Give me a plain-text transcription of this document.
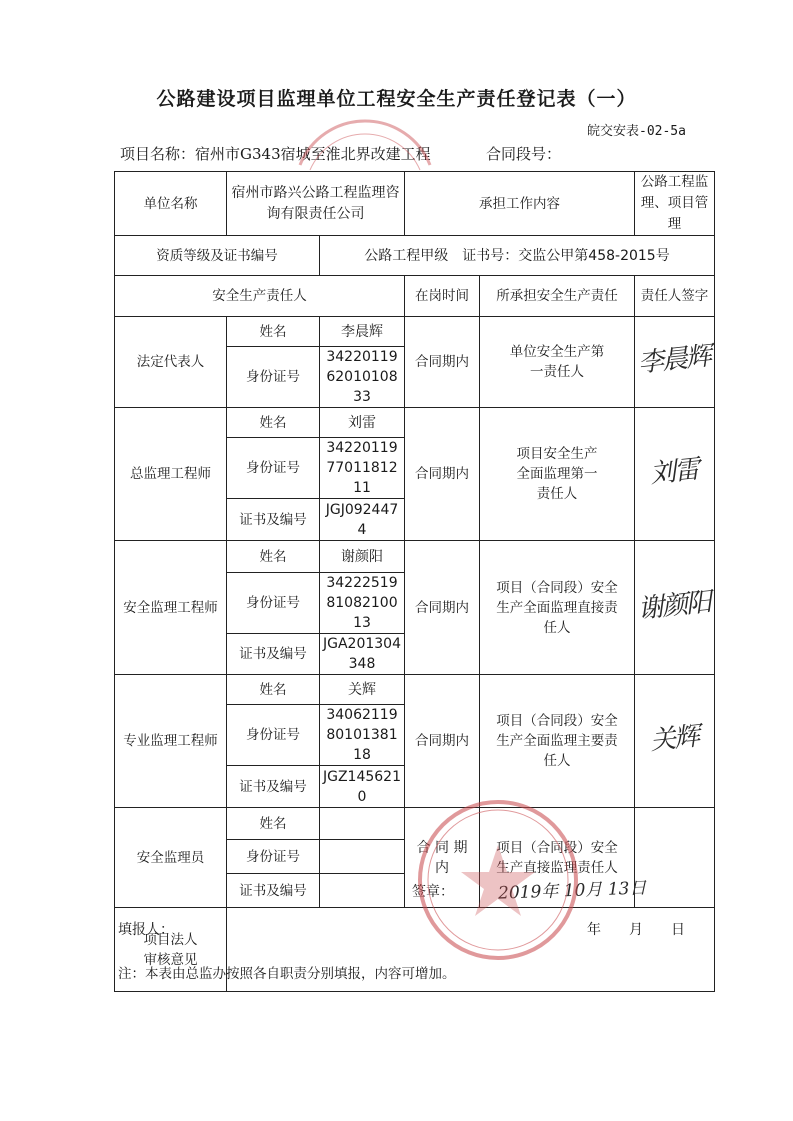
公路建设项目监理单位工程安全生产责任登记表（一）
皖交安表-02-5a
项目名称：宿州市G343宿城至淮北界改建工程	合同段号：
单位名称	宿州市路兴公路工程监理咨询有限责任公司		承担工作内容		公路工程监理、项目管理
资质等级及证书编号		公路工程甲级　证书号：交监公甲第458-2015号			
安全生产责任人			在岗时间	所承担安全生产责任	责任人签字
法定代表人	姓名	李晨辉	合同期内	单位安全生产第一责任人	李晨辉
	身份证号	342201196201010833			
总监理工程师	姓名	刘雷	合同期内	项目安全生产全面监理第一责任人	刘雷
	身份证号	342201197701181211			
	证书及编号	JGJ0924474			
安全监理工程师	姓名	谢颜阳	合同期内	项目（合同段）安全生产全面监理直接责任人	谢颜阳
	身份证号	342225198108210013			
	证书及编号	JGA201304348			
专业监理工程师	姓名	关辉	合同期内	项目（合同段）安全生产全面监理主要责任人	关辉
	身份证号	340621198010138118			
	证书及编号	JGZ1456210			
安全监理员	姓名		合 同 期 内	项目（合同段）安全生产直接监理责任人	
	身份证号				
	证书及编号				
项目法人审核意见					
签章：	2019年 10月 13日
填报人：	年　　月　　日
注：本表由总监办按照各自职责分别填报，内容可增加。
